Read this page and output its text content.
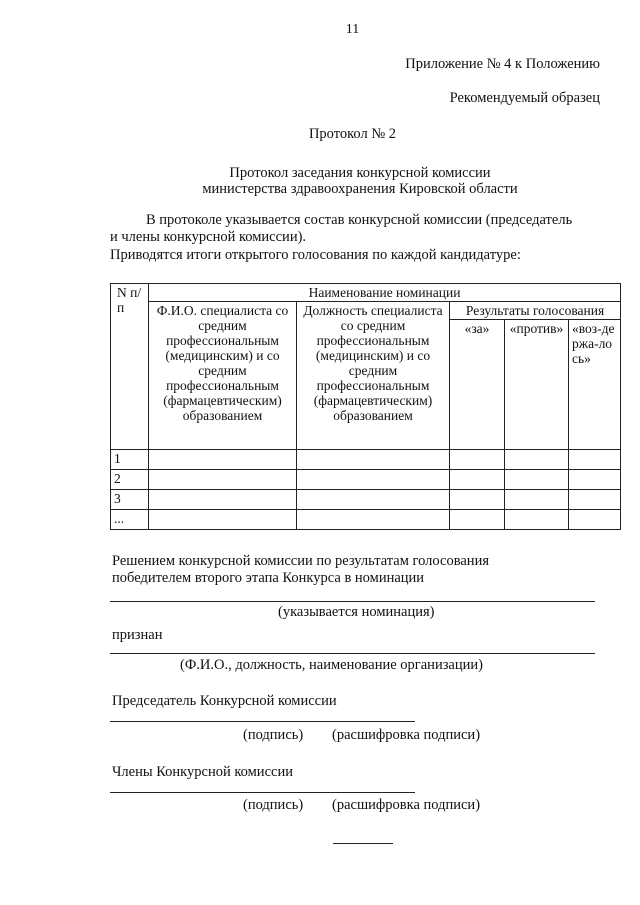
11
Приложение № 4 к Положению
Рекомендуемый образец
Протокол № 2
Протокол заседания конкурсной комиссии
министерства здравоохранения Кировской области
В протоколе указывается состав конкурсной комиссии (председатель
и члены конкурсной комиссии).
Приводятся итоги открытого голосования по каждой кандидатуре:
N п/п	Наименование номинации				
	Ф.И.О. специалиста со средним профессиональным (медицинским) и со средним профессиональным (фармацевтическим) образованием	Должность специалиста со средним профессиональным (медицинским) и со средним профессиональным (фармацевтическим) образованием	Результаты голосования		
			«за»	«против»	«воз-держа-лось»
1					
2					
3					
...					
Решением конкурсной комиссии по результатам голосования
победителем второго этапа Конкурса в номинации
(указывается номинация)
признан
(Ф.И.О., должность, наименование организации)
Председатель Конкурсной комиссии
(подпись) (расшифровка подписи)
Члены Конкурсной комиссии
(подпись) (расшифровка подписи)
